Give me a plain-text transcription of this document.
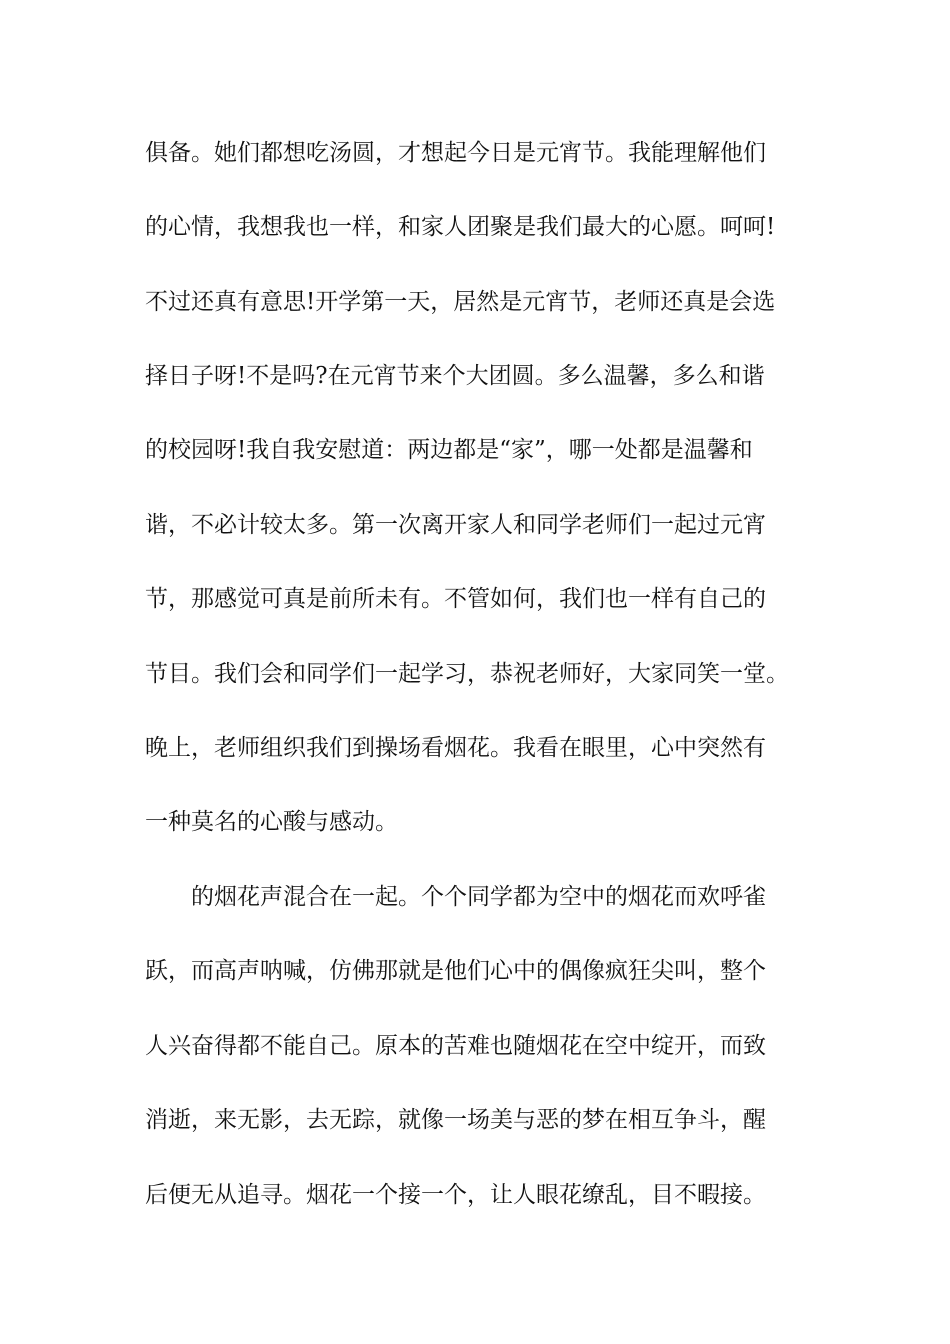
俱备。她们都想吃汤圆，才想起今日是元宵节。我能理解他们
的心情，我想我也一样，和家人团聚是我们最大的心愿。呵呵!
不过还真有意思!开学第一天，居然是元宵节，老师还真是会选
择日子呀!不是吗?在元宵节来个大团圆。多么温馨，多么和谐
的校园呀!我自我安慰道：两边都是“家”，哪一处都是温馨和
谐，不必计较太多。第一次离开家人和同学老师们一起过元宵
节，那感觉可真是前所未有。不管如何，我们也一样有自己的
节目。我们会和同学们一起学习，恭祝老师好，大家同笑一堂。
晚上，老师组织我们到操场看烟花。我看在眼里，心中突然有
一种莫名的心酸与感动。
的烟花声混合在一起。个个同学都为空中的烟花而欢呼雀
跃，而高声呐喊，仿佛那就是他们心中的偶像疯狂尖叫，整个
人兴奋得都不能自己。原本的苦难也随烟花在空中绽开，而致
消逝，来无影，去无踪，就像一场美与恶的梦在相互争斗，醒
后便无从追寻。烟花一个接一个，让人眼花缭乱，目不暇接。
